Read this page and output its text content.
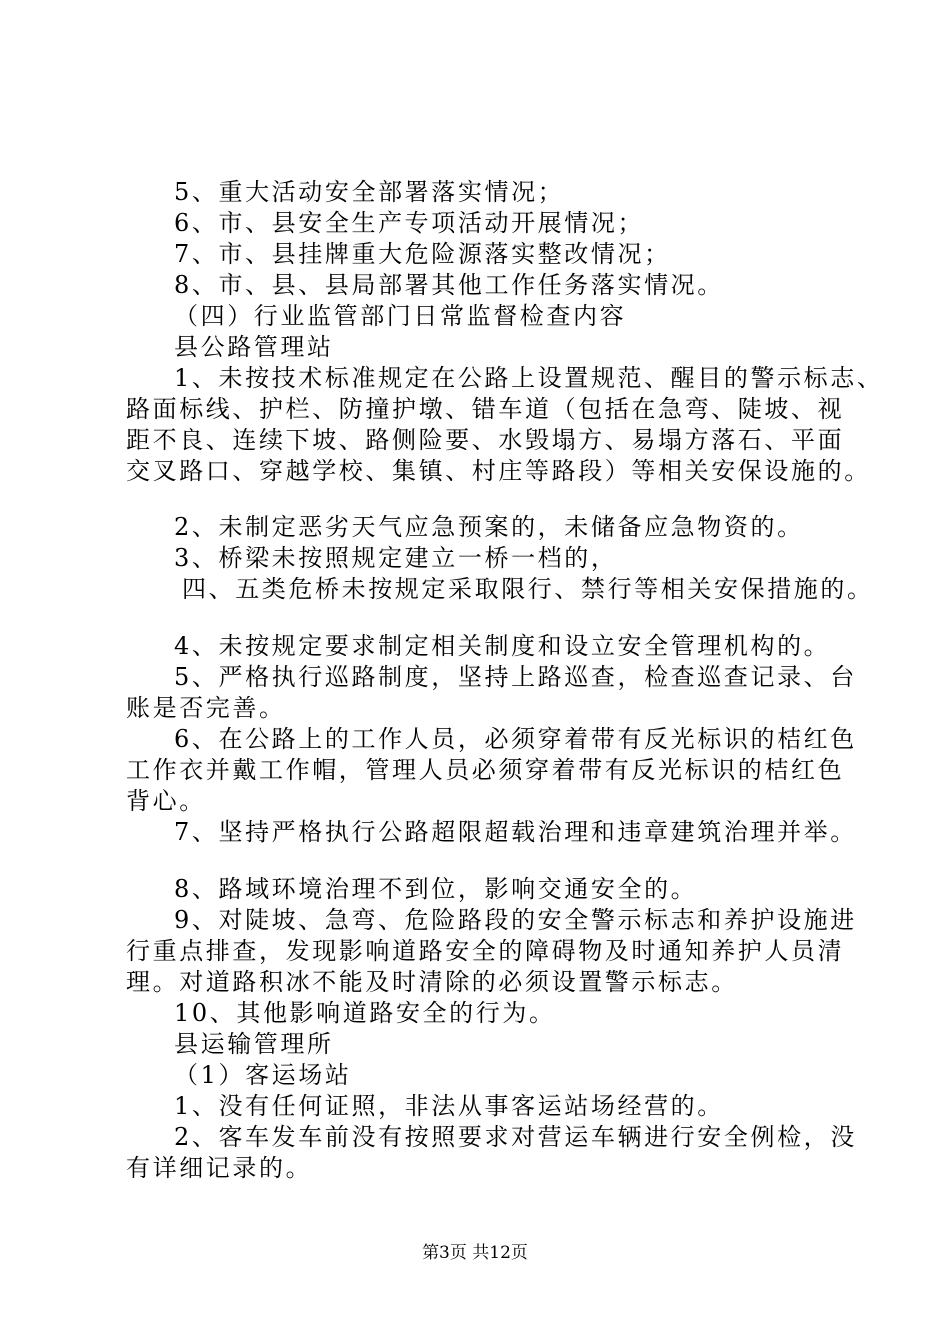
5、重大活动安全部署落实情况；

6、市、县安全生产专项活动开展情况；

7、市、县挂牌重大危险源落实整改情况；

8、市、县、县局部署其他工作任务落实情况。

（四）行业监管部门日常监督检查内容

县公路管理站

1、未按技术标准规定在公路上设置规范、醒目的警示标志、

路面标线、护栏、防撞护墩、错车道（包括在急弯、陡坡、视

距不良、连续下坡、路侧险要、水毁塌方、易塌方落石、平面

交叉路口、穿越学校、集镇、村庄等路段）等相关安保设施的。

2、未制定恶劣天气应急预案的，未储备应急物资的。

3、桥梁未按照规定建立一桥一档的，

四、五类危桥未按规定采取限行、禁行等相关安保措施的。

4、未按规定要求制定相关制度和设立安全管理机构的。

5、严格执行巡路制度，坚持上路巡查，检查巡查记录、台

账是否完善。

6、在公路上的工作人员，必须穿着带有反光标识的桔红色

工作衣并戴工作帽，管理人员必须穿着带有反光标识的桔红色

背心。

7、坚持严格执行公路超限超载治理和违章建筑治理并举。

8、路域环境治理不到位，影响交通安全的。

9、对陡坡、急弯、危险路段的安全警示标志和养护设施进

行重点排查，发现影响道路安全的障碍物及时通知养护人员清

理。对道路积冰不能及时清除的必须设置警示标志。

10、其他影响道路安全的行为。

县运输管理所

（1）客运场站

1、没有任何证照，非法从事客运站场经营的。

2、客车发车前没有按照要求对营运车辆进行安全例检，没

有详细记录的。

第3页 共12页
